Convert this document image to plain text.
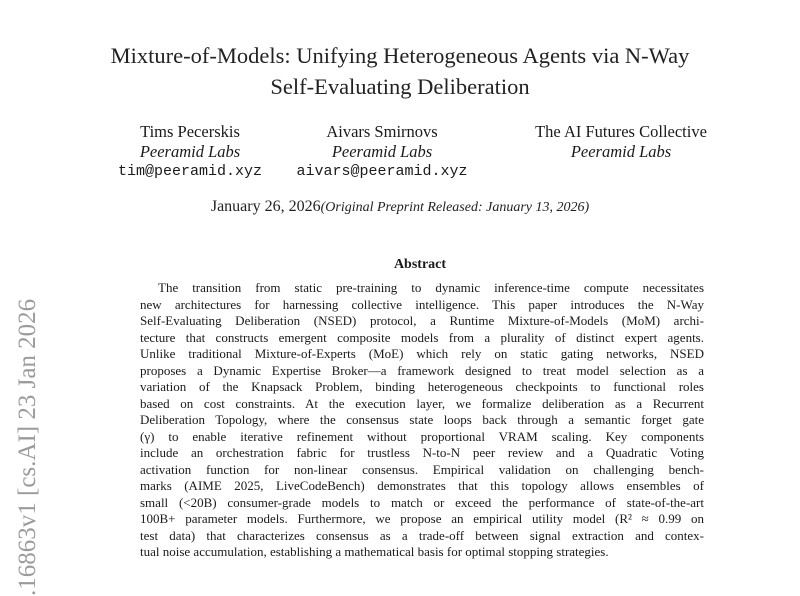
Mixture-of-Models: Unifying Heterogeneous Agents via N-Way
Self-Evaluating Deliberation
Tims Pecerskis
Peeramid Labs
tim@peeramid.xyz
Aivars Smirnovs
Peeramid Labs
aivars@peeramid.xyz
The AI Futures Collective
Peeramid Labs
January 26, 2026(Original Preprint Released: January 13, 2026)
Abstract
The transition from static pre-training to dynamic inference-time compute necessitates
new architectures for harnessing collective intelligence. This paper introduces the N-Way
Self-Evaluating Deliberation (NSED) protocol, a Runtime Mixture-of-Models (MoM) archi-
tecture that constructs emergent composite models from a plurality of distinct expert agents.
Unlike traditional Mixture-of-Experts (MoE) which rely on static gating networks, NSED
proposes a Dynamic Expertise Broker—a framework designed to treat model selection as a
variation of the Knapsack Problem, binding heterogeneous checkpoints to functional roles
based on cost constraints. At the execution layer, we formalize deliberation as a Recurrent
Deliberation Topology, where the consensus state loops back through a semantic forget gate
(γ) to enable iterative refinement without proportional VRAM scaling. Key components
include an orchestration fabric for trustless N-to-N peer review and a Quadratic Voting
activation function for non-linear consensus. Empirical validation on challenging bench-
marks (AIME 2025, LiveCodeBench) demonstrates that this topology allows ensembles of
small (<20B) consumer-grade models to match or exceed the performance of state-of-the-art
100B+ parameter models. Furthermore, we propose an empirical utility model (R² ≈ 0.99 on
test data) that characterizes consensus as a trade-off between signal extraction and contex-
tual noise accumulation, establishing a mathematical basis for optimal stopping strategies.
.16863v1 [cs.AI] 23 Jan 2026
